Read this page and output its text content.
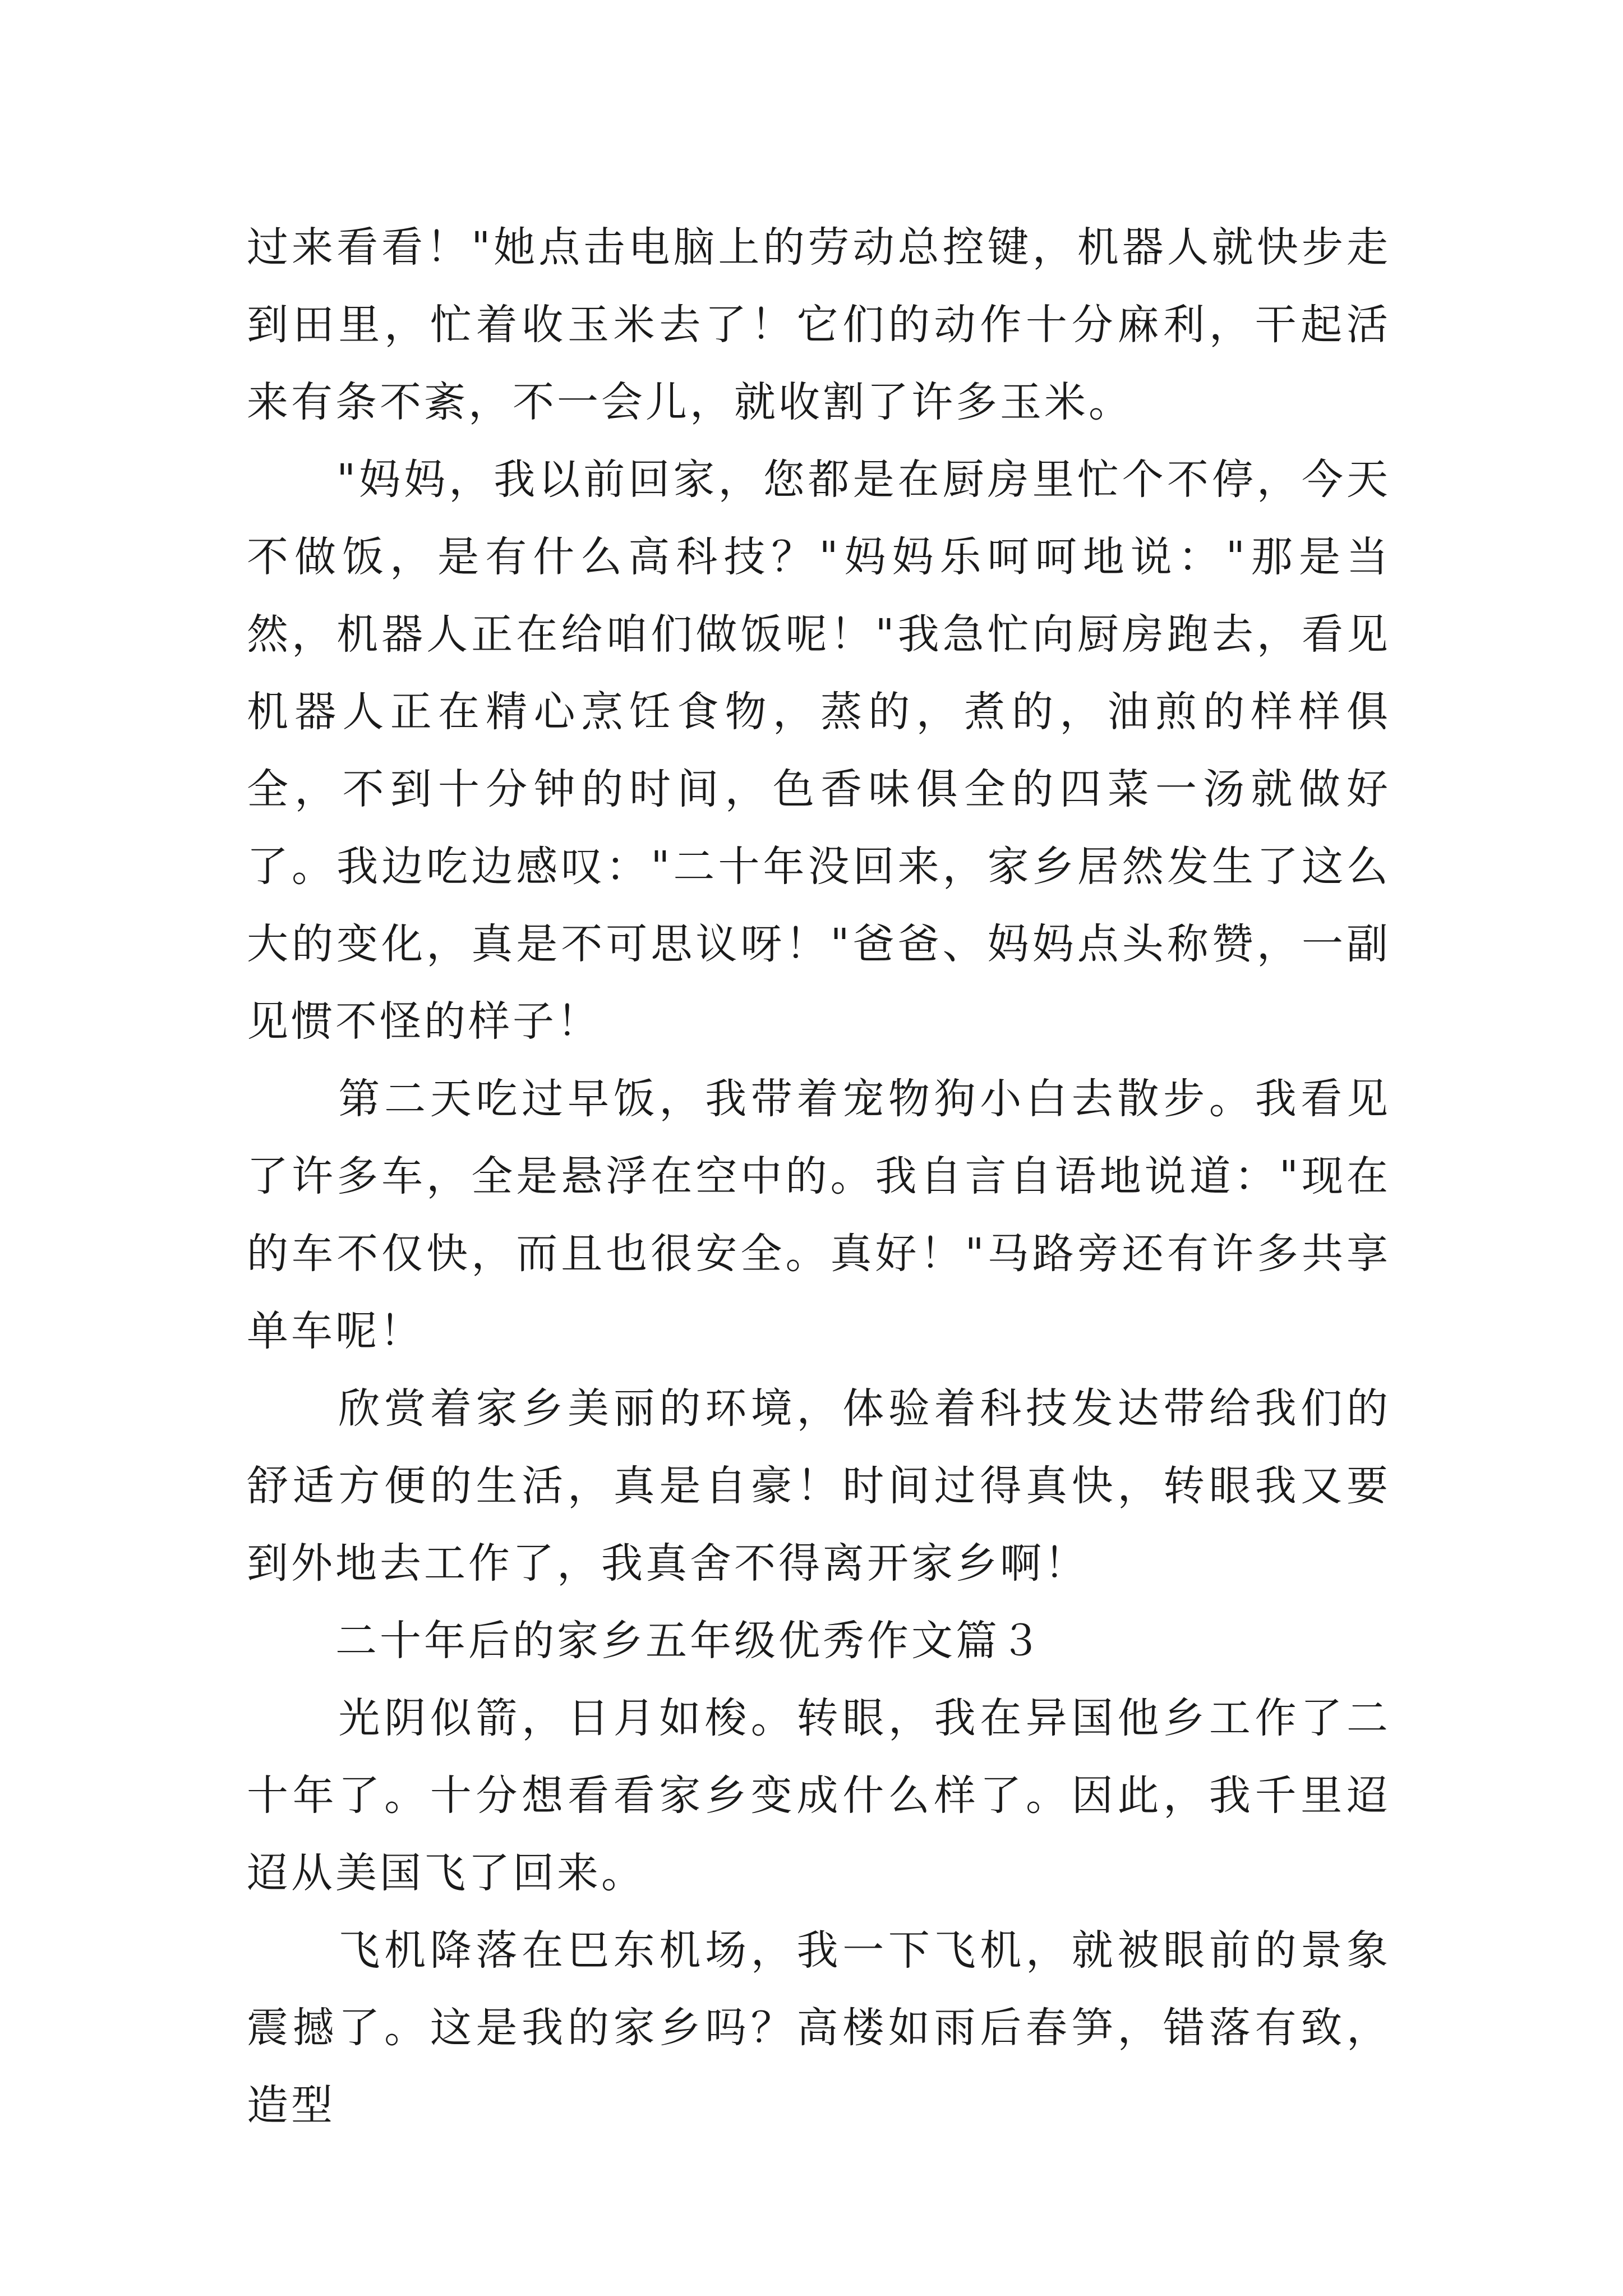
过来看看！"她点击电脑上的劳动总控键，机器人就快步走到田里，忙着收玉米去了！它们的动作十分麻利，干起活来有条不紊，不一会儿，就收割了许多玉米。

　　"妈妈，我以前回家，您都是在厨房里忙个不停，今天不做饭，是有什么高科技？"妈妈乐呵呵地说："那是当然，机器人正在给咱们做饭呢！"我急忙向厨房跑去，看见机器人正在精心烹饪食物，蒸的，煮的，油煎的样样俱全，不到十分钟的时间，色香味俱全的四菜一汤就做好了。我边吃边感叹："二十年没回来，家乡居然发生了这么大的变化，真是不可思议呀！"爸爸、妈妈点头称赞，一副见惯不怪的样子！

　　第二天吃过早饭，我带着宠物狗小白去散步。我看见了许多车，全是悬浮在空中的。我自言自语地说道："现在的车不仅快，而且也很安全。真好！"马路旁还有许多共享单车呢！

　　欣赏着家乡美丽的环境，体验着科技发达带给我们的舒适方便的生活，真是自豪！时间过得真快，转眼我又要到外地去工作了，我真舍不得离开家乡啊！

　　二十年后的家乡五年级优秀作文篇３

　　光阴似箭，日月如梭。转眼，我在异国他乡工作了二十年了。十分想看看家乡变成什么样了。因此，我千里迢迢从美国飞了回来。

　　飞机降落在巴东机场，我一下飞机，就被眼前的景象震撼了。这是我的家乡吗？高楼如雨后春笋，错落有致，造型
